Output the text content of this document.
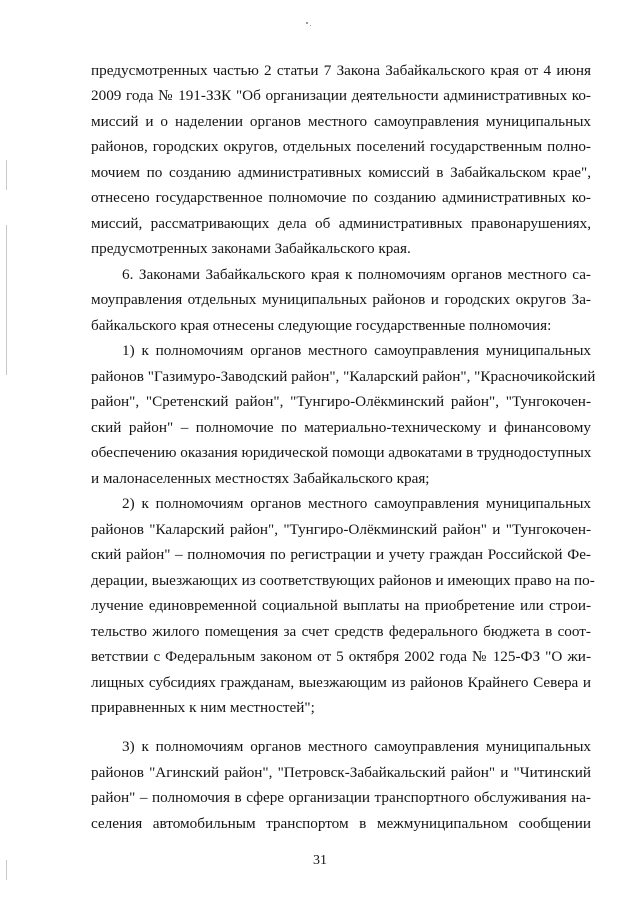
предусмотренных частью 2 статьи 7 Закона Забайкальского края от 4 июня
2009 года № 191-ЗЗК "Об организации деятельности административных ко-
миссий и о наделении органов местного самоуправления муниципальных
районов, городских округов, отдельных поселений государственным полно-
мочием по созданию административных комиссий в Забайкальском крае",
отнесено государственное полномочие по созданию административных ко-
миссий, рассматривающих дела об административных правонарушениях,
предусмотренных законами Забайкальского края.
6. Законами Забайкальского края к полномочиям органов местного са-
моуправления отдельных муниципальных районов и городских округов За-
байкальского края отнесены следующие государственные полномочия:
1) к полномочиям органов местного самоуправления муниципальных
районов "Газимуро-Заводский район", "Каларский район", "Красночикойский
район", "Сретенский район", "Тунгиро-Олёкминский район", "Тунгокочен-
ский район" – полномочие по материально-техническому и финансовому
обеспечению оказания юридической помощи адвокатами в труднодоступных
и малонаселенных местностях Забайкальского края;
2) к полномочиям органов местного самоуправления муниципальных
районов "Каларский район", "Тунгиро-Олёкминский район" и "Тунгокочен-
ский район" – полномочия по регистрации и учету граждан Российской Фе-
дерации, выезжающих из соответствующих районов и имеющих право на по-
лучение единовременной социальной выплаты на приобретение или строи-
тельство жилого помещения за счет средств федерального бюджета в соот-
ветствии с Федеральным законом от 5 октября 2002 года № 125-ФЗ "О жи-
лищных субсидиях гражданам, выезжающим из районов Крайнего Севера и
приравненных к ним местностей";
3) к полномочиям органов местного самоуправления муниципальных
районов "Агинский район", "Петровск-Забайкальский район" и "Читинский
район" – полномочия в сфере организации транспортного обслуживания на-
селения автомобильным транспортом в межмуниципальном сообщении
31
